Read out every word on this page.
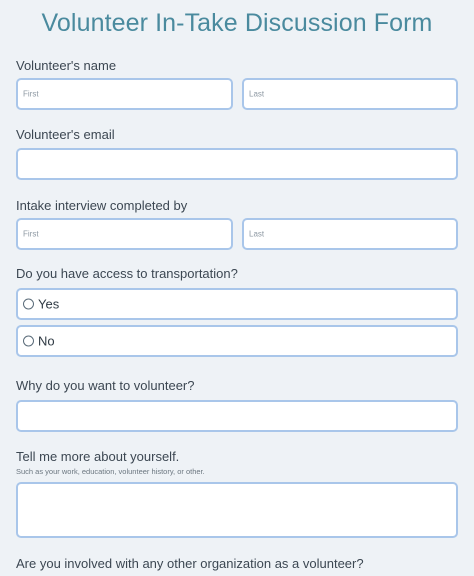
Volunteer In-Take Discussion Form
Volunteer's name
First	Last
Volunteer's email
Intake interview completed by
First	Last
Do you have access to transportation?
Yes
No
Why do you want to volunteer?
Tell me more about yourself.
Such as your work, education, volunteer history, or other.
Are you involved with any other organization as a volunteer?
